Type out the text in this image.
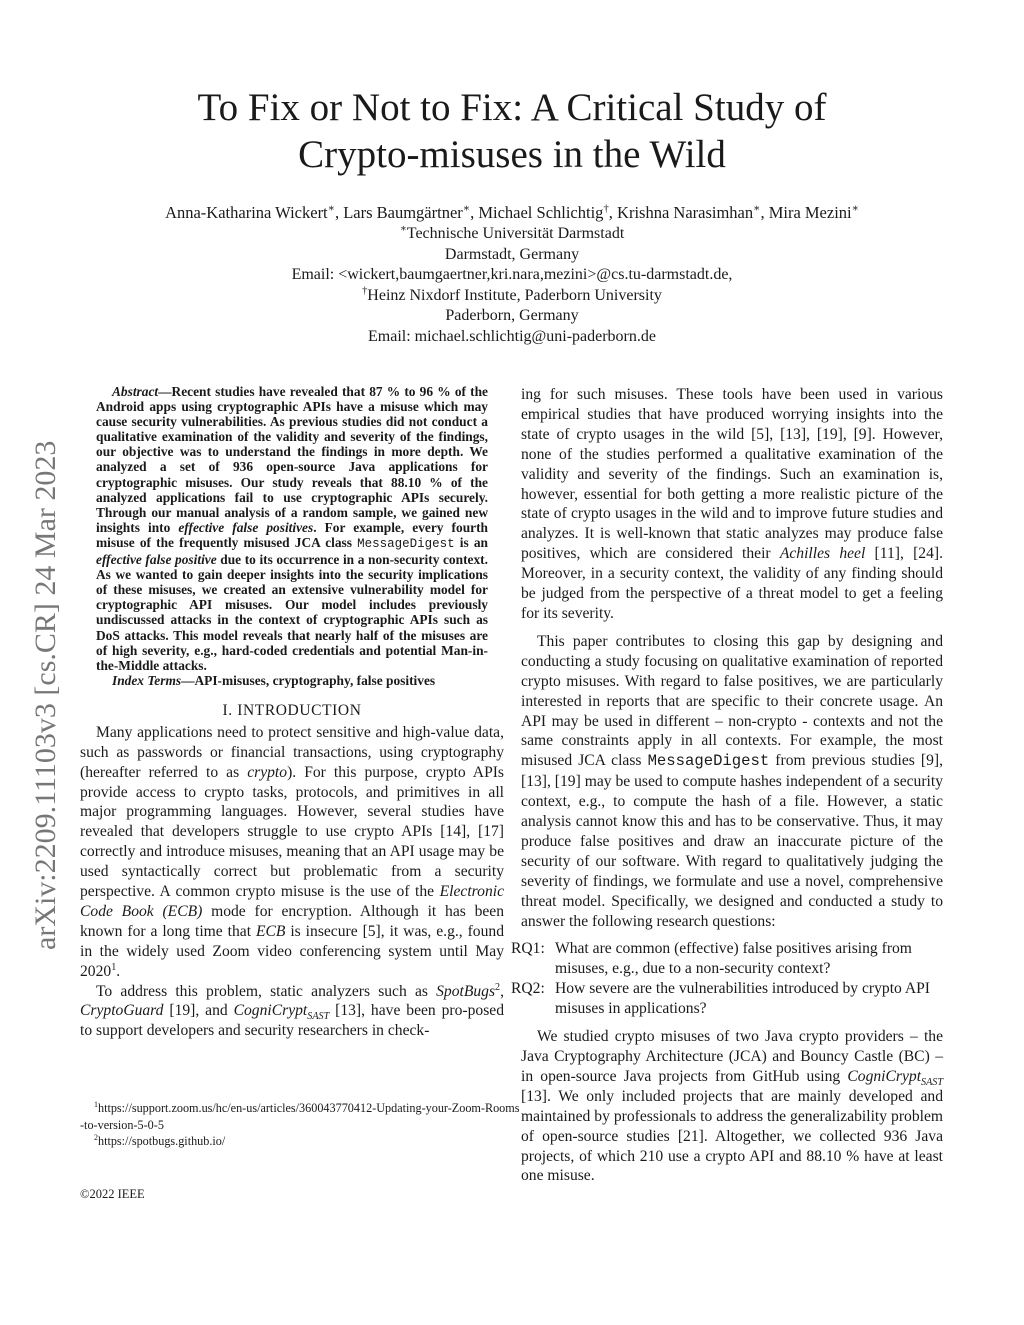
arXiv:2209.11103v3 [cs.CR] 24 Mar 2023
To Fix or Not to Fix: A Critical Study of
Crypto-misuses in the Wild
Anna-Katharina Wickert∗, Lars Baumgärtner∗, Michael Schlichtig†, Krishna Narasimhan∗, Mira Mezini∗
∗Technische Universität Darmstadt
Darmstadt, Germany
Email: <wickert,baumgaertner,kri.nara,mezini>@cs.tu-darmstadt.de,
†Heinz Nixdorf Institute, Paderborn University
Paderborn, Germany
Email: michael.schlichtig@uni-paderborn.de

Abstract—Recent studies have revealed that 87 % to 96 % of the Android apps using cryptographic APIs have a misuse which may cause security vulnerabilities. As previous studies did not conduct a qualitative examination of the validity and severity of the findings, our objective was to understand the findings in more depth. We analyzed a set of 936 open-source Java applications for cryptographic misuses. Our study reveals that 88.10 % of the analyzed applications fail to use cryptographic APIs securely. Through our manual analysis of a random sample, we gained new insights into effective false positives. For example, every fourth misuse of the frequently misused JCA class MessageDigest is an effective false positive due to its occurrence in a non-security context. As we wanted to gain deeper insights into the security implications of these misuses, we created an extensive vulnerability model for cryptographic API misuses. Our model includes previously undiscussed attacks in the context of cryptographic APIs such as DoS attacks. This model reveals that nearly half of the misuses are of high severity, e.g., hard-coded credentials and potential Man-in-the-Middle attacks.

Index Terms—API-misuses, cryptography, false positives

I. INTRODUCTION

Many applications need to protect sensitive and high-value data, such as passwords or financial transactions, using cryptography (hereafter referred to as crypto). For this purpose, crypto APIs provide access to crypto tasks, protocols, and primitives in all major programming languages. However, several studies have revealed that developers struggle to use crypto APIs [14], [17] correctly and introduce misuses, meaning that an API usage may be used syntactically correct but problematic from a security perspective. A common crypto misuse is the use of the Electronic Code Book (ECB) mode for encryption. Although it has been known for a long time that ECB is insecure [5], it was, e.g., found in the widely used Zoom video conferencing system until May 2020$^1$.

To address this problem, static analyzers such as SpotBugs$^2$, CryptoGuard [19], and CogniCrypt$_{SAST}$ [13], have been pro-posed to support developers and security researchers in check-

$^1$https://support.zoom.us/hc/en-us/articles/360043770412-Updating-your-Zoom-Rooms-to-version-5-0-5
$^2$https://spotbugs.github.io/
©2022 IEEE

ing for such misuses. These tools have been used in various empirical studies that have produced worrying insights into the state of crypto usages in the wild [5], [13], [19], [9]. However, none of the studies performed a qualitative examination of the validity and severity of the findings. Such an examination is, however, essential for both getting a more realistic picture of the state of crypto usages in the wild and to improve future studies and analyzes. It is well-known that static analyzes may produce false positives, which are considered their Achilles heel [11], [24]. Moreover, in a security context, the validity of any finding should be judged from the perspective of a threat model to get a feeling for its severity.

This paper contributes to closing this gap by designing and conducting a study focusing on qualitative examination of reported crypto misuses. With regard to false positives, we are particularly interested in reports that are specific to their concrete usage. An API may be used in different – non-crypto - contexts and not the same constraints apply in all contexts. For example, the most misused JCA class MessageDigest from previous studies [9], [13], [19] may be used to compute hashes independent of a security context, e.g., to compute the hash of a file. However, a static analysis cannot know this and has to be conservative. Thus, it may produce false positives and draw an inaccurate picture of the security of our software. With regard to qualitatively judging the severity of findings, we formulate and use a novel, comprehensive threat model. Specifically, we designed and conducted a study to answer the following research questions:

RQ1: What are common (effective) false positives arising from misuses, e.g., due to a non-security context?
RQ2: How severe are the vulnerabilities introduced by crypto API misuses in applications?

We studied crypto misuses of two Java crypto providers – the Java Cryptography Architecture (JCA) and Bouncy Castle (BC) – in open-source Java projects from GitHub using CogniCrypt$_{SAST}$ [13]. We only included projects that are mainly developed and maintained by professionals to address the generalizability problem of open-source studies [21]. Altogether, we collected 936 Java projects, of which 210 use a crypto API and 88.10 % have at least one misuse.
